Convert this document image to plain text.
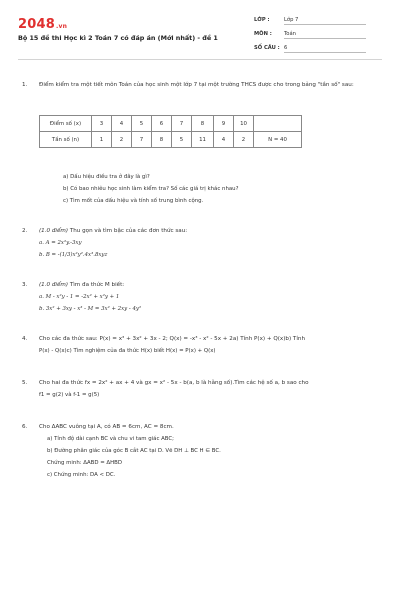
2048.vn
Bộ 15 đề thi Học kì 2 Toán 7 có đáp án (Mới nhất) - đề 1
LỚP :	Lớp 7
MÔN : Toán
SỐ CÂU : 6
1.	Điểm kiểm tra một tiết môn Toán của học sinh một lớp 7 tại một trường THCS được cho trong bảng "tần số" sau:
Điểm số (x)	3	4	5	6	7	8	9	10	
Tần số (n)	1	2	7	8	5	11	4	2	N = 40
a) Dấu hiệu điều tra ở đây là gì?
b) Có bao nhiêu học sinh làm kiểm tra? Số các giá trị khác nhau?
c) Tìm mốt của dấu hiệu và tính số trung bình cộng.
2.	(1.0 điểm) Thu gọn và tìm bậc của các đơn thức sau:
a. A = 2x²y.-3xy
b. B = -(1/3)x²y².4x³.8xyz
3.	(1.0 điểm) Tìm đa thức M biết:
a. M - x²y - 1 = -2x² + x²y + 1
b. 3x² + 3xy - x³ - M = 3x² + 2xy - 4y²
4.	Cho các đa thức sau: P(x) = x³ + 3x² + 3x - 2; Q(x) = -x³ - x² - 5x + 2a) Tính P(x) + Q(x)b) Tính
P(x) - Q(x)c) Tìm nghiệm của đa thức H(x) biết H(x) = P(x) + Q(x)
5.	Cho hai đa thức fx = 2x² + ax + 4 và gx = x² - 5x - b(a, b là hằng số).Tìm các hệ số a, b sao cho
f1 = g(2) và f-1 = g(5)
6.	Cho ΔABC vuông tại A, có AB = 6cm, AC = 8cm.
a) Tính độ dài cạnh BC và chu vi tam giác ABC;
b) Đường phân giác của góc B cắt AC tại D. Vẽ DH ⊥ BC H ∈ BC.
Chứng minh: ΔABD = ΔHBD
c) Chứng minh: DA < DC.
